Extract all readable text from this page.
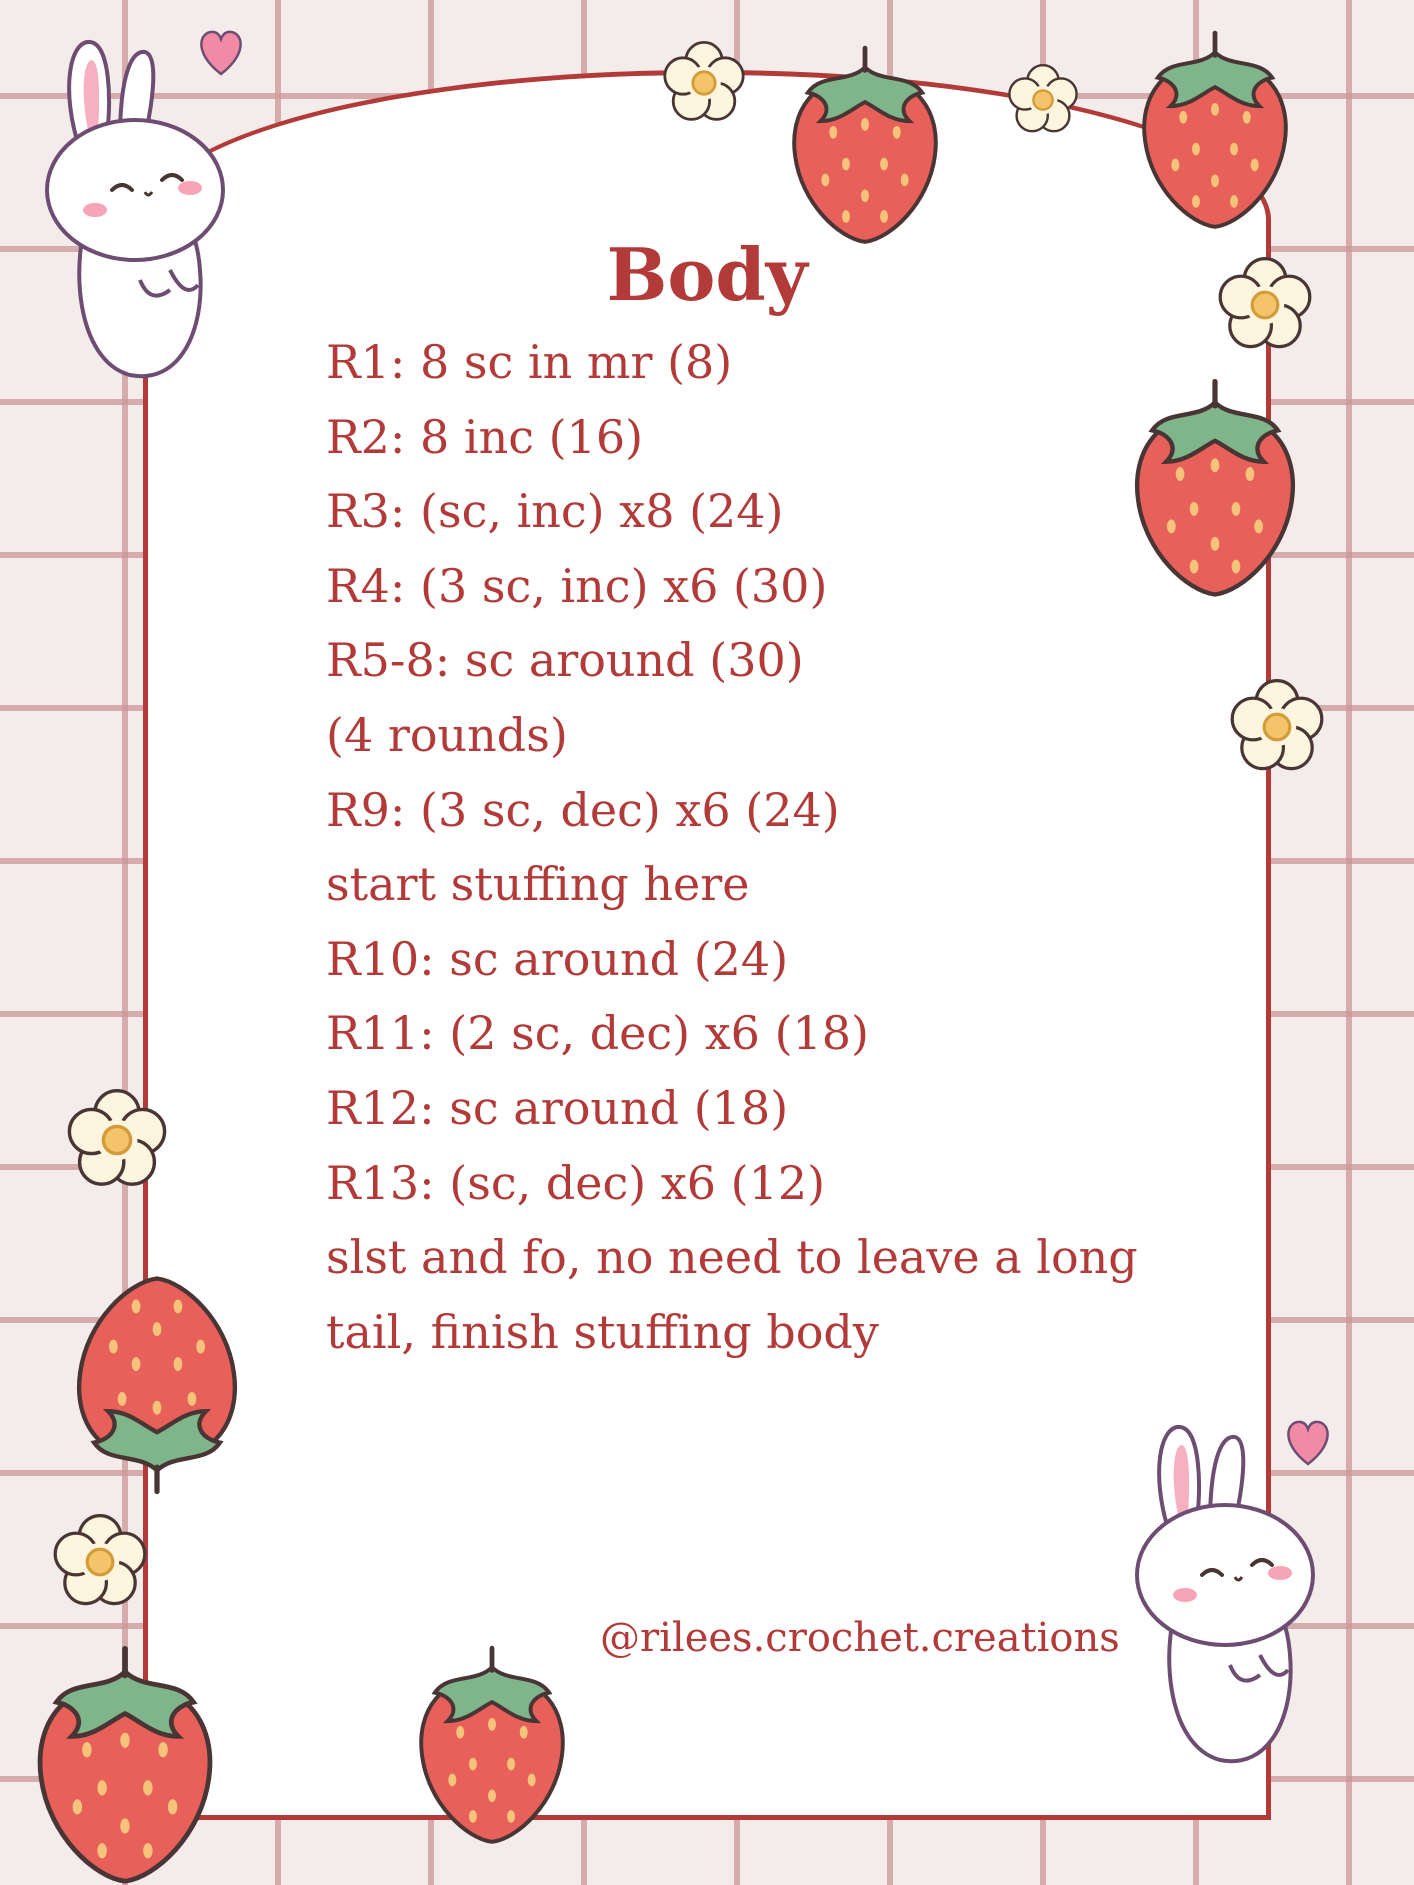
Body
R1: 8 sc in mr (8)
R2: 8 inc (16)
R3: (sc, inc) x8 (24)
R4: (3 sc, inc) x6 (30)
R5-8: sc around (30)
(4 rounds)
R9: (3 sc, dec) x6 (24)
start stuffing here
R10: sc around (24)
R11: (2 sc, dec) x6 (18)
R12: sc around (18)
R13: (sc, dec) x6 (12)
slst and fo, no need to leave a long
tail, finish stuffing body
@rilees.crochet.creations
